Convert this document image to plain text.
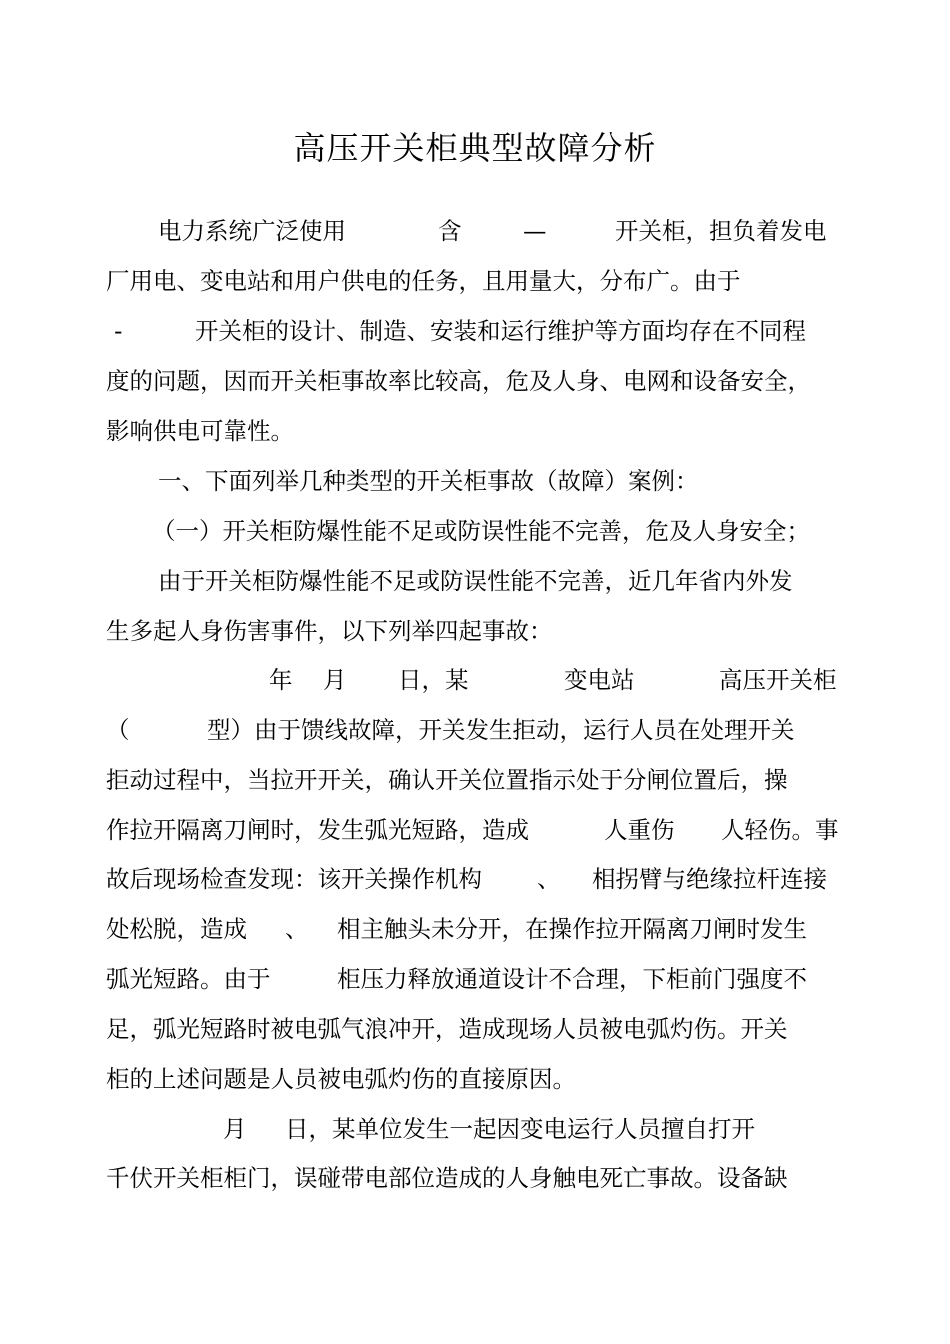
高压开关柜典型故障分析

电力系统广泛使用

	含

	—

	开关柜，担负着发电

厂用电、变电站和用户供电的任务，且用量大，分布广。由于

-

	开关柜的设计、制造、安装和运行维护等方面均存在不同程

度的问题，因而开关柜事故率比较高，危及人身、电网和设备安全，

影响供电可靠性。

一、下面列举几种类型的开关柜事故（故障）案例：

（一）开关柜防爆性能不足或防误性能不完善，危及人身安全；

由于开关柜防爆性能不足或防误性能不完善，近几年省内外发

生多起人身伤害事件，以下列举四起事故：

年

月

日，某

	变电站

	高压开关柜

（

	型）由于馈线故障，开关发生拒动，运行人员在处理开关

拒动过程中，当拉开开关，确认开关位置指示处于分闸位置后，操

作拉开隔离刀闸时，发生弧光短路，造成

	人重伤

人轻伤。事

故后现场检查发现：该开关操作机构

、

相拐臂与绝缘拉杆连接

处松脱，造成

、

相主触头未分开，在操作拉开隔离刀闸时发生

弧光短路。由于

	柜压力释放通道设计不合理，下柜前门强度不

足，弧光短路时被电弧气浪冲开，造成现场人员被电弧灼伤。开关

柜的上述问题是人员被电弧灼伤的直接原因。

月

日，某单位发生一起因变电运行人员擅自打开

千伏开关柜柜门，误碰带电部位造成的人身触电死亡事故。设备缺
